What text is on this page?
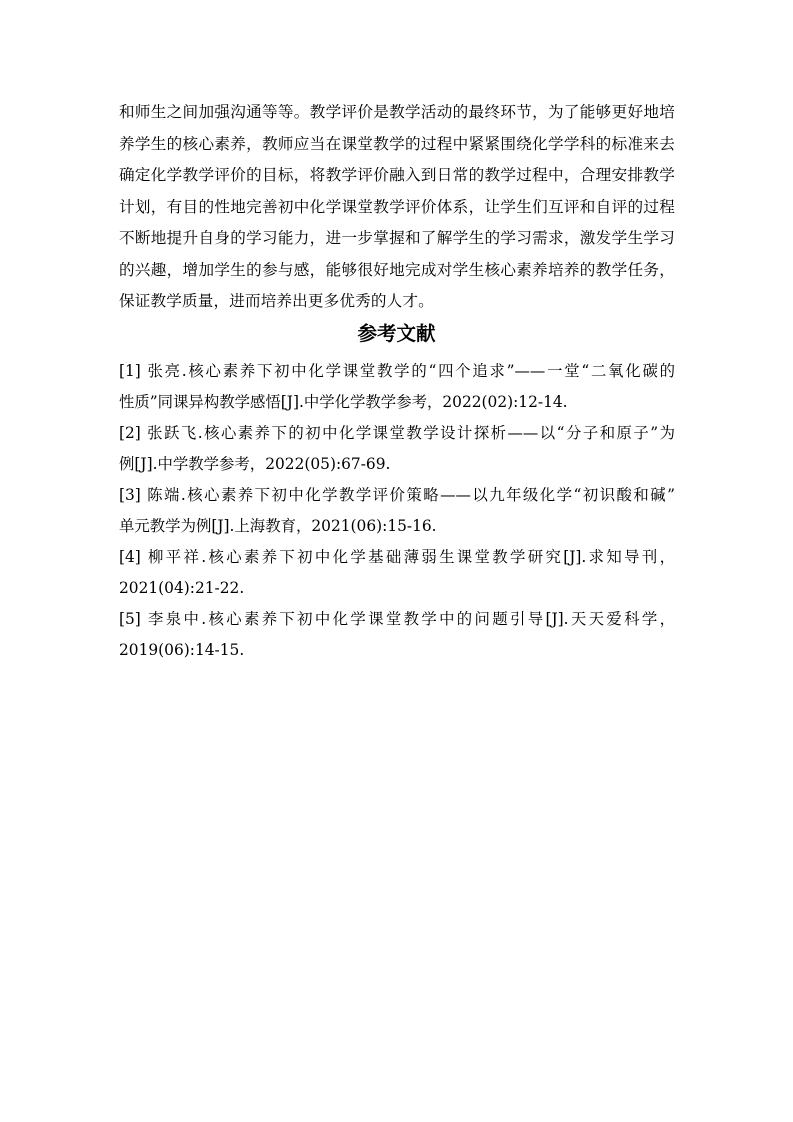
和师生之间加强沟通等等。教学评价是教学活动的最终环节，为了能够更好地培
养学生的核心素养，教师应当在课堂教学的过程中紧紧围绕化学学科的标准来去
确定化学教学评价的目标，将教学评价融入到日常的教学过程中，合理安排教学
计划，有目的性地完善初中化学课堂教学评价体系，让学生们互评和自评的过程
不断地提升自身的学习能力，进一步掌握和了解学生的学习需求，激发学生学习
的兴趣，增加学生的参与感，能够很好地完成对学生核心素养培养的教学任务，
保证教学质量，进而培养出更多优秀的人才。
参考文献
[1] 张亮.核心素养下初中化学课堂教学的“四个追求”——一堂“二氧化碳的
性质”同课异构教学感悟[J].中学化学教学参考，2022(02):12-14.
[2] 张跃飞.核心素养下的初中化学课堂教学设计探析——以“分子和原子”为
例[J].中学教学参考，2022(05):67-69.
[3] 陈端.核心素养下初中化学教学评价策略——以九年级化学“初识酸和碱”
单元教学为例[J].上海教育，2021(06):15-16.
[4] 柳平祥.核心素养下初中化学基础薄弱生课堂教学研究[J].求知导刊，
2021(04):21-22.
[5] 李泉中.核心素养下初中化学课堂教学中的问题引导[J].天天爱科学，
2019(06):14-15.
